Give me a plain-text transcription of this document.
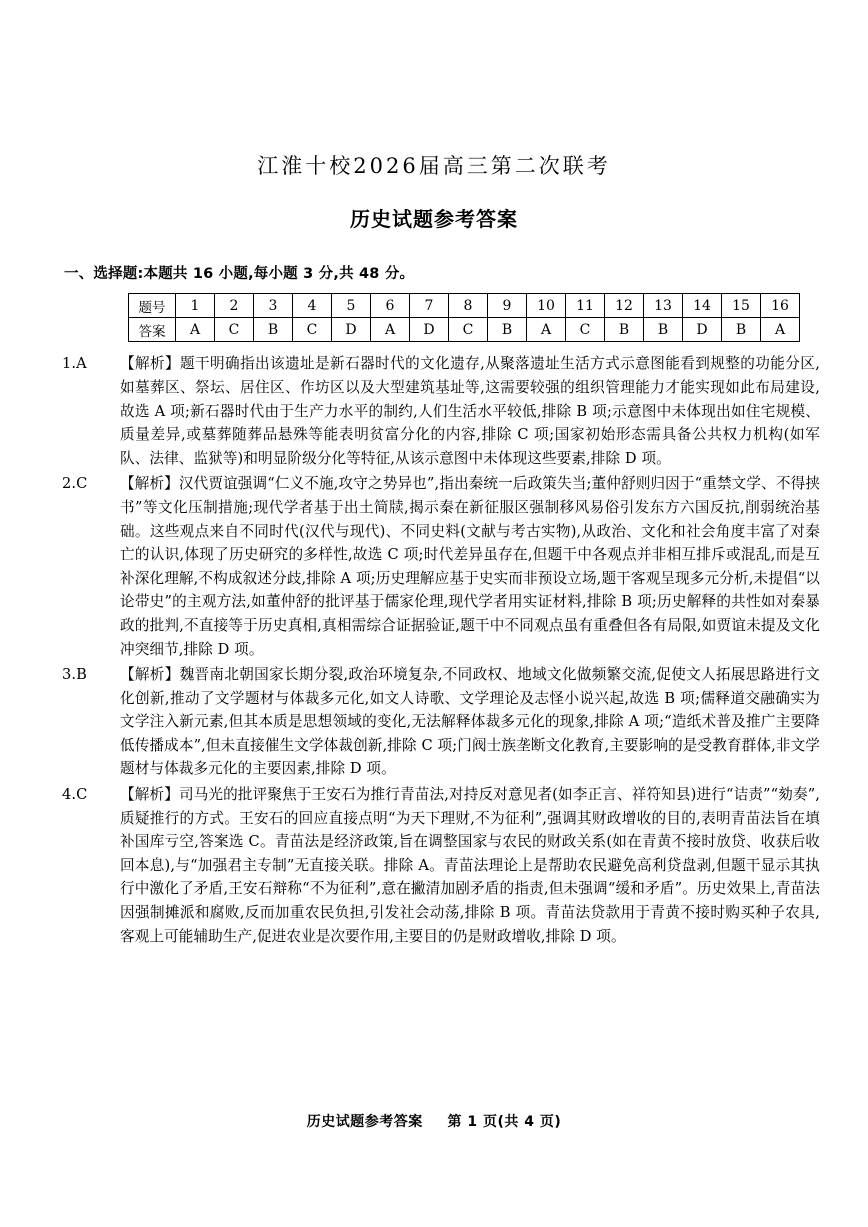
江淮十校2026届高三第二次联考
历史试题参考答案
一、选择题:本题共 16 小题,每小题 3 分,共 48 分。
题号	1	2	3	4	5	6	7	8	9	10	11	12	13	14	15	16
答案	A	C	B	C	D	A	D	C	B	A	C	B	B	D	B	A
1.A	【解析】题干明确指出该遗址是新石器时代的文化遗存,从聚落遗址生活方式示意图能看到规整的功能分区,如墓葬区、祭坛、居住区、作坊区以及大型建筑基址等,这需要较强的组织管理能力才能实现如此布局建设,故选 A 项;新石器时代由于生产力水平的制约,人们生活水平较低,排除 B 项;示意图中未体现出如住宅规模、质量差异,或墓葬随葬品悬殊等能表明贫富分化的内容,排除 C 项;国家初始形态需具备公共权力机构(如军队、法律、监狱等)和明显阶级分化等特征,从该示意图中未体现这些要素,排除 D 项。
2.C	【解析】汉代贾谊强调“仁义不施,攻守之势异也”,指出秦统一后政策失当;董仲舒则归因于“重禁文学、不得挟书”等文化压制措施;现代学者基于出土简牍,揭示秦在新征服区强制移风易俗引发东方六国反抗,削弱统治基础。这些观点来自不同时代(汉代与现代)、不同史料(文献与考古实物),从政治、文化和社会角度丰富了对秦亡的认识,体现了历史研究的多样性,故选 C 项;时代差异虽存在,但题干中各观点并非相互排斥或混乱,而是互补深化理解,不构成叙述分歧,排除 A 项;历史理解应基于史实而非预设立场,题干客观呈现多元分析,未提倡“以论带史”的主观方法,如董仲舒的批评基于儒家伦理,现代学者用实证材料,排除 B 项;历史解释的共性如对秦暴政的批判,不直接等于历史真相,真相需综合证据验证,题干中不同观点虽有重叠但各有局限,如贾谊未提及文化冲突细节,排除 D 项。
3.B	【解析】魏晋南北朝国家长期分裂,政治环境复杂,不同政权、地域文化做频繁交流,促使文人拓展思路进行文化创新,推动了文学题材与体裁多元化,如文人诗歌、文学理论及志怪小说兴起,故选 B 项;儒释道交融确实为文学注入新元素,但其本质是思想领域的变化,无法解释体裁多元化的现象,排除 A 项;“造纸术普及推广主要降低传播成本”,但未直接催生文学体裁创新,排除 C 项;门阀士族垄断文化教育,主要影响的是受教育群体,非文学题材与体裁多元化的主要因素,排除 D 项。
4.C	【解析】司马光的批评聚焦于王安石为推行青苗法,对持反对意见者(如李正言、祥符知县)进行“诘责”“劾奏”,质疑推行的方式。王安石的回应直接点明“为天下理财,不为征利”,强调其财政增收的目的,表明青苗法旨在填补国库亏空,答案选 C。青苗法是经济政策,旨在调整国家与农民的财政关系(如在青黄不接时放贷、收获后收回本息),与“加强君主专制”无直接关联。排除 A。青苗法理论上是帮助农民避免高利贷盘剥,但题干显示其执行中激化了矛盾,王安石辩称“不为征利”,意在撇清加剧矛盾的指责,但未强调“缓和矛盾”。历史效果上,青苗法因强制摊派和腐败,反而加重农民负担,引发社会动荡,排除 B 项。青苗法贷款用于青黄不接时购买种子农具,客观上可能辅助生产,促进农业是次要作用,主要目的仍是财政增收,排除 D 项。
历史试题参考答案 第 1 页(共 4 页)
